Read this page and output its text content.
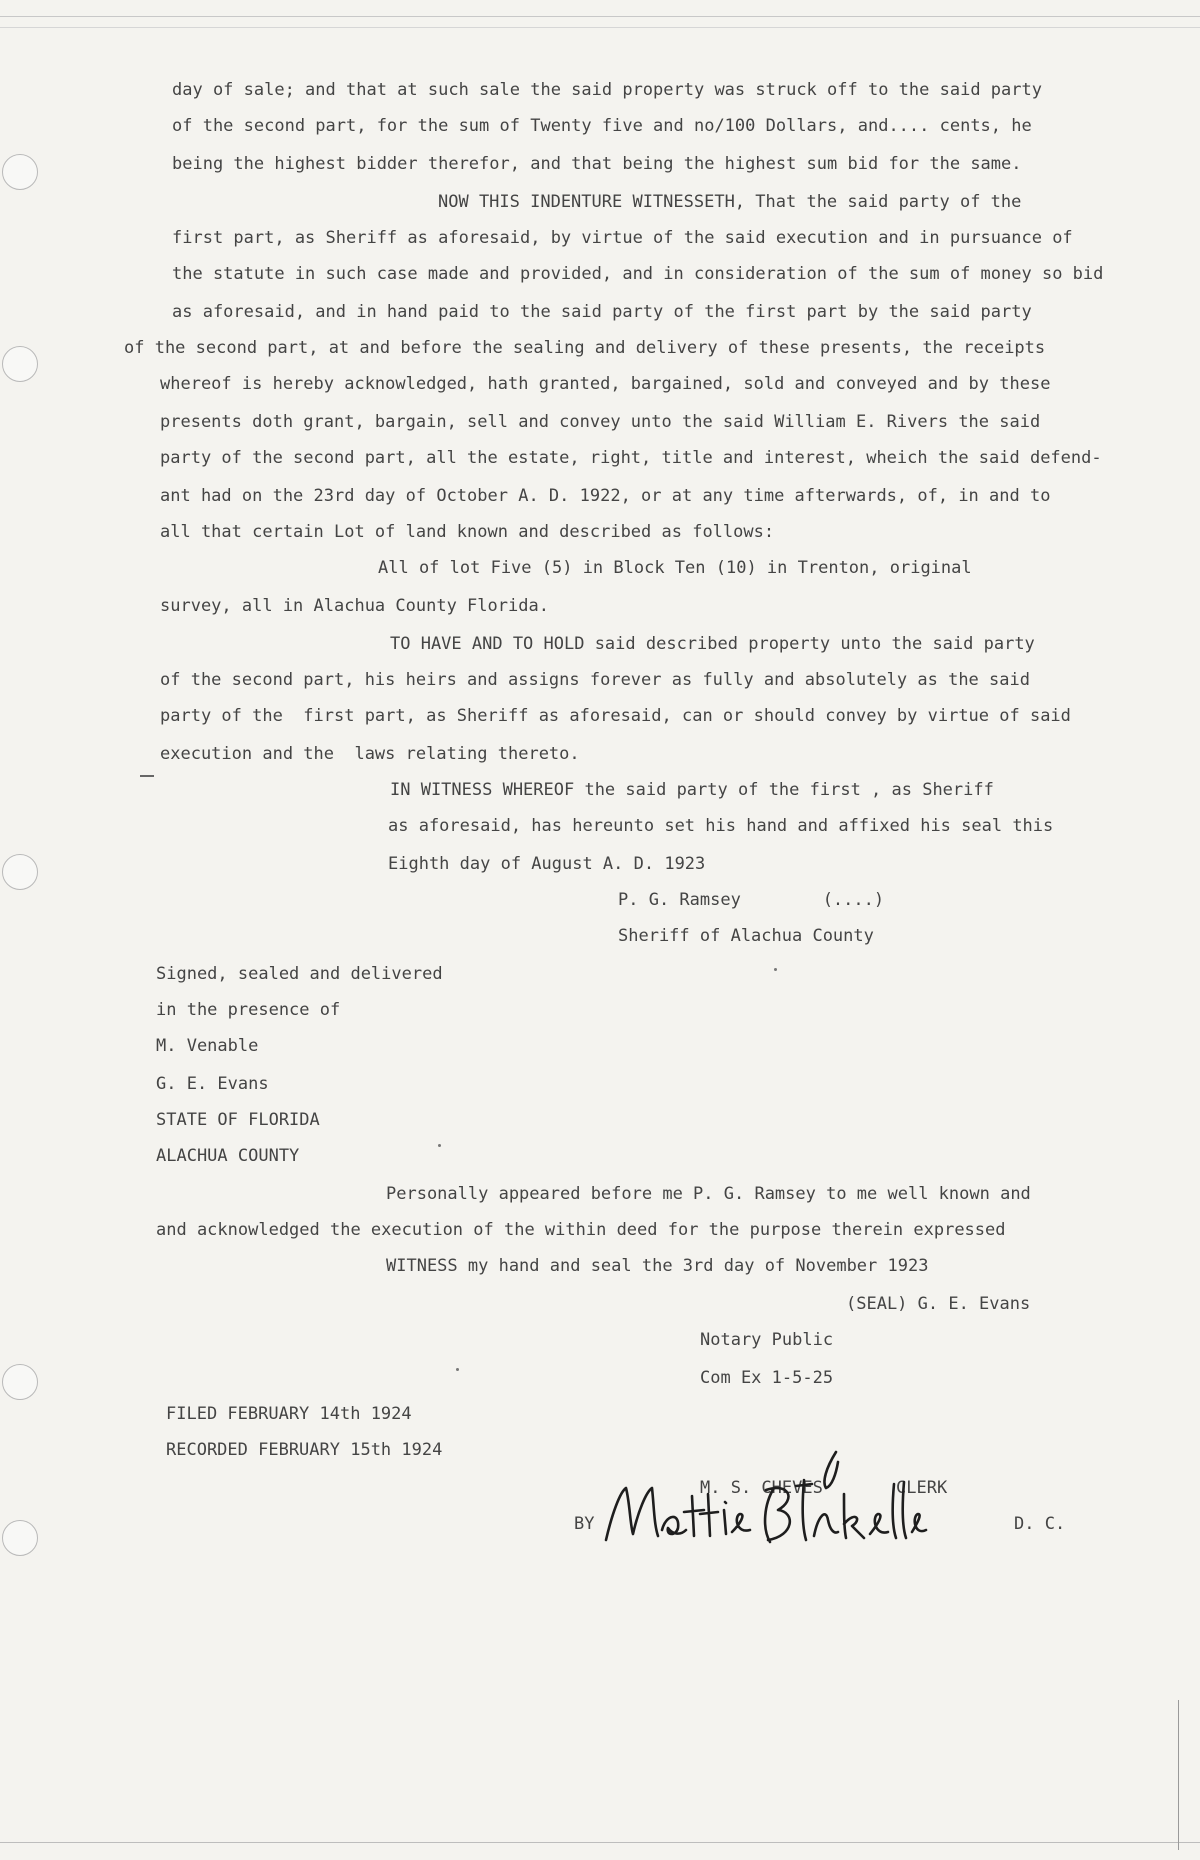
day of sale; and that at such sale the said property was struck off to the said party
of the second part, for the sum of Twenty five and no/100 Dollars, and.... cents, he
being the highest bidder therefor, and that being the highest sum bid for the same.
NOW THIS INDENTURE WITNESSETH, That the said party of the
first part, as Sheriff as aforesaid, by virtue of the said execution and in pursuance of
the statute in such case made and provided, and in consideration of the sum of money so bid
as aforesaid, and in hand paid to the said party of the first part by the said party
of the second part, at and before the sealing and delivery of these presents, the receipts
whereof is hereby acknowledged, hath granted, bargained, sold and conveyed and by these
presents doth grant, bargain, sell and convey unto the said William E. Rivers the said
party of the second part, all the estate, right, title and interest, wheich the said defend-
ant had on the 23rd day of October A. D. 1922, or at any time afterwards, of, in and to
all that certain Lot of land known and described as follows:
All of lot Five (5) in Block Ten (10) in Trenton, original
survey, all in Alachua County Florida.
TO HAVE AND TO HOLD said described property unto the said party
of the second part, his heirs and assigns forever as fully and absolutely as the said
party of the  first part, as Sheriff as aforesaid, can or should convey by virtue of said
execution and the  laws relating thereto.
IN WITNESS WHEREOF the said party of the first , as Sheriff
as aforesaid, has hereunto set his hand and affixed his seal this
Eighth day of August A. D. 1923
P. G. Ramsey        (....)
Sheriff of Alachua County
Signed, sealed and delivered
in the presence of
M. Venable
G. E. Evans
STATE OF FLORIDA
ALACHUA COUNTY
Personally appeared before me P. G. Ramsey to me well known and
and acknowledged the execution of the within deed for the purpose therein expressed
WITNESS my hand and seal the 3rd day of November 1923
(SEAL) G. E. Evans
Notary Public
Com Ex 1-5-25
FILED FEBRUARY 14th 1924
RECORDED FEBRUARY 15th 1924
M. S. CHEVES	CLERK
BY	D. C.
